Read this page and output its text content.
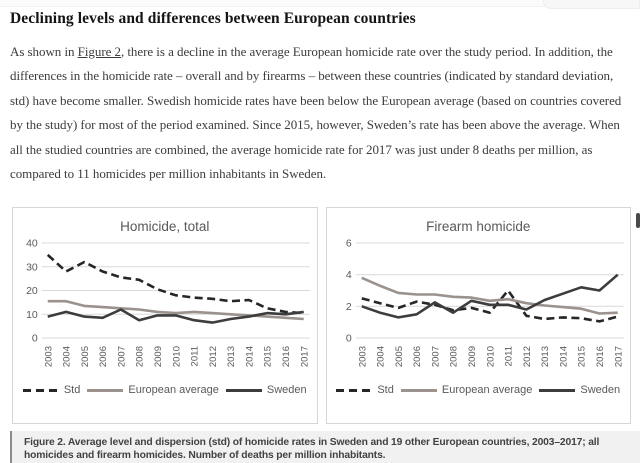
Declining levels and differences between European countries

As shown in Figure 2, there is a decline in the average European homicide rate over the study period. In addition, the differences in the homicide rate – overall and by firearms – between these countries (indicated by standard deviation, std) have become smaller. Swedish homicide rates have been below the European average (based on countries covered by the study) for most of the period examined. Since 2015, however, Sweden’s rate has been above the average. When all the studied countries are combined, the average homicide rate for 2017 was just under 8 deaths per million, as compared to 11 homicides per million inhabitants in Sweden.

Homicide, total
0
10
20
30
40
2003 2004 2005 2006 2007 2008 2009 2010 2011 2012 2013 2014 2015 2016 2017
Std	European average	Sweden
Firearm homicide
0
2
4
6
2003 2004 2005 2006 2007 2008 2009 2010 2011 2012 2013 2014 2015 2016 2017
Std	European average	Sweden
Figure 2. Average level and dispersion (std) of homicide rates in Sweden and 19 other European countries, 2003–2017; all homicides and firearm homicides. Number of deaths per million inhabitants.
